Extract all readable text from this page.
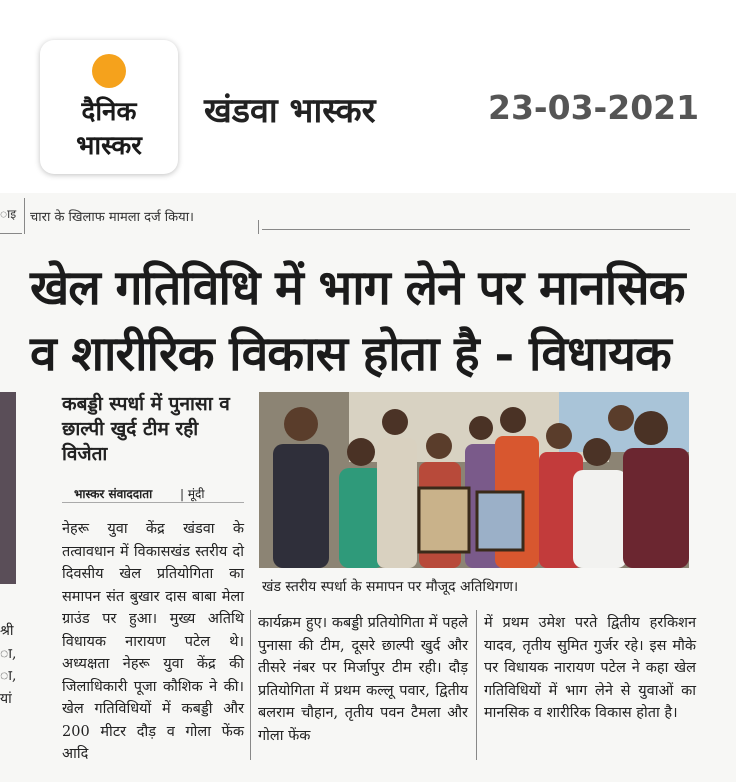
दैनिक
भास्कर
खंडवा भास्कर	23-03-2021
ाइ चारा के खिलाफ मामला दर्ज किया।
खेल गतिविधि में भाग लेने पर मानसिक
व शारीरिक विकास होता है - विधायक
कबड्डी स्पर्धा में पुनासा व छाल्पी खुर्द टीम रही विजेता
भास्कर संवाददाता | मूंदी
खंड स्तरीय स्पर्धा के समापन पर मौजूद अतिथिगण।
नेहरू युवा केंद्र खंडवा के तत्वावधान में विकासखंड स्तरीय दो दिवसीय खेल प्रतियोगिता का समापन संत बुखार दास बाबा मेला ग्राउंड पर हुआ। मुख्य अतिथि विधायक नारायण पटेल थे। अध्यक्षता नेहरू युवा केंद्र की जिलाधिकारी पूजा कौशिक ने की। खेल गतिविधियों में कबड्डी और 200 मीटर दौड़ व गोला फेंक आदि
कार्यक्रम हुए। कबड्डी प्रतियोगिता में पहले पुनासा की टीम, दूसरे छाल्पी खुर्द और तीसरे नंबर पर मिर्जापुर टीम रही। दौड़ प्रतियोगिता में प्रथम कल्लू पवार, द्वितीय बलराम चौहान, तृतीय पवन टैमला और गोला फेंक
में प्रथम उमेश परते द्वितीय हरकिशन यादव, तृतीय सुमित गुर्जर रहे। इस मौके पर विधायक नारायण पटेल ने कहा खेल गतिविधियों में भाग लेने से युवाओं का मानसिक व शारीरिक विकास होता है।
श्री
ा,
ा,
यां
